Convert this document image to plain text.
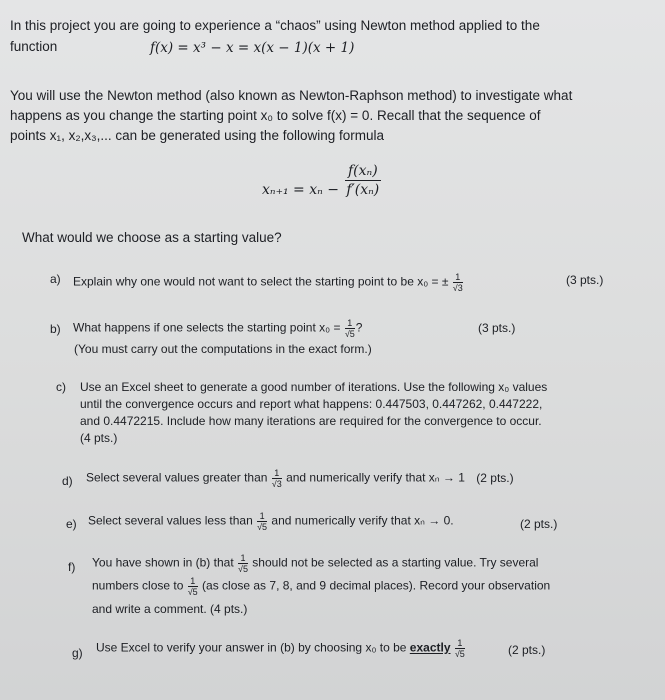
In this project you are going to experience a “chaos” using Newton method applied to the
function	f(x) = x³ − x = x(x − 1)(x + 1)
You will use the Newton method (also known as Newton-Raphson method) to investigate what
happens as you change the starting point x₀ to solve f(x) = 0. Recall that the sequence of
points x₁, x₂,x₃,... can be generated using the following formula
$x_{n+1} = x_n - \frac{\text{f(xₙ)}}{\text{f′(xₙ)}}$
What would we choose as a starting value?
a) Explain why one would not want to select the starting point to be x₀ = ± $\frac{1}{√3}$	(3 pts.)
b) What happens if one selects the starting point $x_0 = \frac{1}{√5}$ ?	(3 pts.)
(You must carry out the computations in the exact form.)
c) Use an Excel sheet to generate a good number of iterations. Use the following x₀ values
until the convergence occurs and report what happens: 0.447503, 0.447262, 0.447222,
and 0.4472215. Include how many iterations are required for the convergence to occur.
(4 pts.)
d) Select several values greater than $\frac{1}{√3}$ and numerically verify that xₙ → 1 (2 pts.)
e) Select several values less than $\frac{1}{√5}$ and numerically verify that xₙ → 0.	(2 pts.)
f) You have shown in (b) that $\frac{1}{√5}$ should not be selected as a starting value. Try several
numbers close to $\frac{1}{√5} (as$ close as 7, 8, and 9 decimal places). Record your observation
and write a comment. (4 pts.)
g) Use Excel to verify your answer in (b) by choosing x₀ to be exactly $\frac{1}{√5}$	(2 pts.)
